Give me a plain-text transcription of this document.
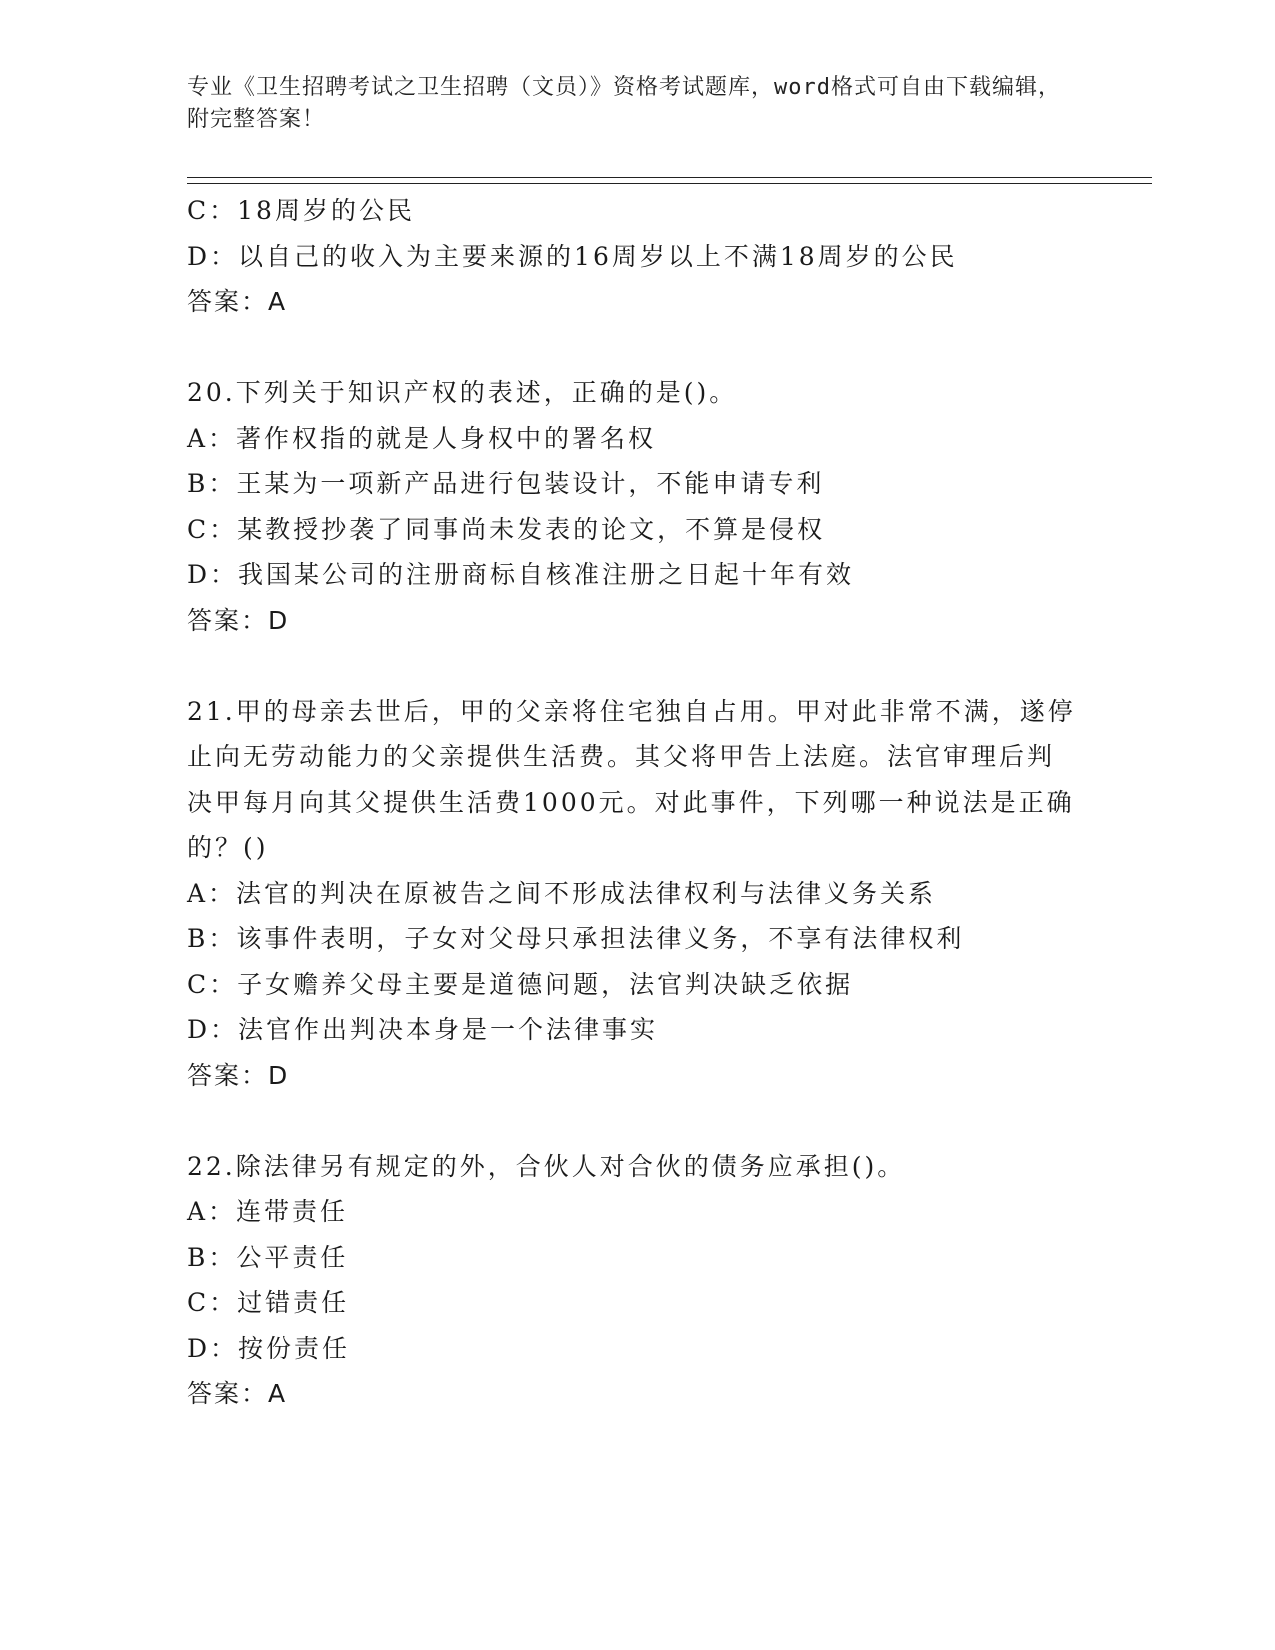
专业《卫生招聘考试之卫生招聘（文员）》资格考试题库，word格式可自由下载编辑，附完整答案！
C：18周岁的公民
D：以自己的收入为主要来源的16周岁以上不满18周岁的公民
答案：A
20.下列关于知识产权的表述，正确的是()。
A：著作权指的就是人身权中的署名权
B：王某为一项新产品进行包装设计，不能申请专利
C：某教授抄袭了同事尚未发表的论文，不算是侵权
D：我国某公司的注册商标自核准注册之日起十年有效
答案：D
21.甲的母亲去世后，甲的父亲将住宅独自占用。甲对此非常不满，遂停止向无劳动能力的父亲提供生活费。其父将甲告上法庭。法官审理后判决甲每月向其父提供生活费1000元。对此事件，下列哪一种说法是正确的？()
A：法官的判决在原被告之间不形成法律权利与法律义务关系
B：该事件表明，子女对父母只承担法律义务，不享有法律权利
C：子女赡养父母主要是道德问题，法官判决缺乏依据
D：法官作出判决本身是一个法律事实
答案：D
22.除法律另有规定的外，合伙人对合伙的债务应承担()。
A：连带责任
B：公平责任
C：过错责任
D：按份责任
答案：A
